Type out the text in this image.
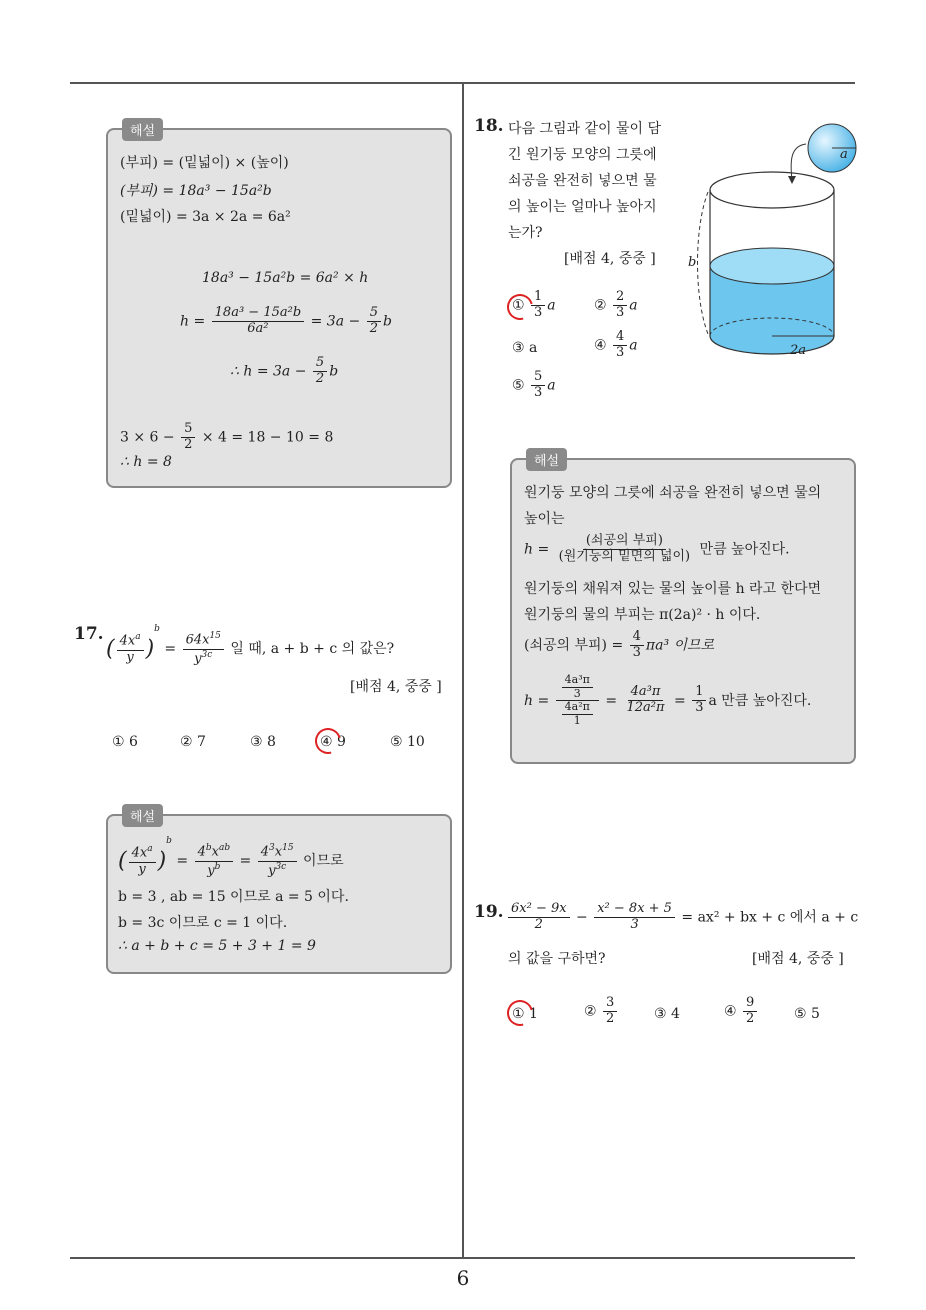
6
해설
(부피) = (밑넓이) × (높이)
(부피) = 18a³ − 15a²b
(밑넓이) = 3a × 2a = 6a²
18a³ − 15a²b = 6a² × h
$h = \frac{\text{18a³ − 15a²b}}{\text{6a²}} = 3a - \frac{5}{2}$ b
∴ $h = 3a - \frac{5}{2}$ b
$3 \times 6 - \frac{5}{2} \times 4 = 18 - 10 = 8$
∴ h = 8
17.
( $\frac{4x^a}{y} )^b = \frac{64x^{15}}{y^{3c}}$ 일 때, a + b + c 의 값은?
[배점 4, 중중 ]
① 6	② 7	③ 8	④ 9	⑤ 10
해설
( $\frac{4x^a}{y} )^b = \frac{4^bx^{ab}}{y^b} = \frac{4^3x^{15}}{y^{3c}}$ 이므로
b = 3 , ab = 15 이므로 a = 5 이다.
b = 3c 이므로 c = 1 이다.
∴ a + b + c = 5 + 3 + 1 = 9
18. 다음 그림과 같이 물이 담
긴 원기둥 모양의 그릇에
쇠공을 완전히 넣으면 물
의 높이는 얼마나 높아지
는가?
[배점 4, 중중 ]
① $\frac{1}{3}$ a	② $\frac{2}{3}$ a
③ a	④ $\frac{4}{3}$ a
⑤ $\frac{5}{3}$ a
a
2a
b
해설
원기둥 모양의 그릇에 쇠공을 완전히 넣으면 물의
높이는
$h = \frac{\text{(쇠공의 부피)}}{\text{(원기둥의 밑면의 넓이)}}$ 만큼 높아진다.
원기둥의 채워져 있는 물의 높이를 h 라고 한다면
원기둥의 물의 부피는 π(2a)² · h 이다.
(쇠공의 부피) = $\frac{4}{3} \pi a^3$ 이므로
$h = \frac{\frac{\text{4a³π}}{3}}{\frac{\text{4a²π}}{1}} = \frac{\text{4a³π}}{\text{12a²π}} = \frac{1}{3}$ a 만큼 높아진다.
19. $\frac{\text{6x² − 9x}}{2} - \frac{\text{x² − 8x + 5}}{3} = ax^2$ + bx + c 에서 a + c
의 값을 구하면?	[배점 4, 중중 ]
① 1	② $\frac{3}{2}$	③ 4	④ $\frac{9}{2}$	⑤ 5
